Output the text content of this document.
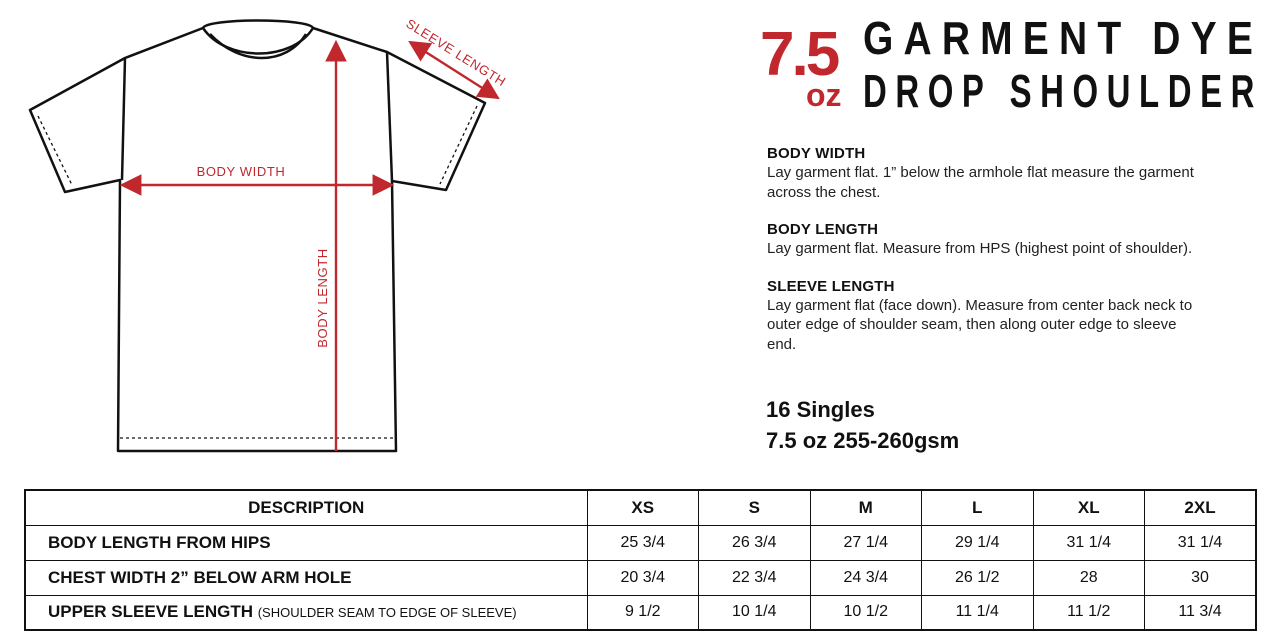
SLEEVE LENGTH
BODY WIDTH
BODY LENGTH
7.5
oz
GARMENT DYE
DROP SHOULDER
BODY WIDTH
Lay garment flat. 1” below the armhole flat measure the garment across the chest.
BODY LENGTH
Lay garment flat. Measure from HPS (highest point of shoulder).
SLEEVE LENGTH
Lay garment flat (face down). Measure from center back neck to outer edge of shoulder seam, then along outer edge to sleeve end.
16 Singles
7.5 oz 255-260gsm
DESCRIPTION	XS	S	M	L	XL	2XL
BODY LENGTH FROM HIPS	25 3/4	26 3/4	27 1/4	29 1/4	31 1/4	31 1/4
CHEST WIDTH 2” BELOW ARM HOLE	20 3/4	22 3/4	24 3/4	26 1/2	28	30
UPPER SLEEVE LENGTH (SHOULDER SEAM TO EDGE OF SLEEVE)	9 1/2	10 1/4	10 1/2	11 1/4	11 1/2	11 3/4
